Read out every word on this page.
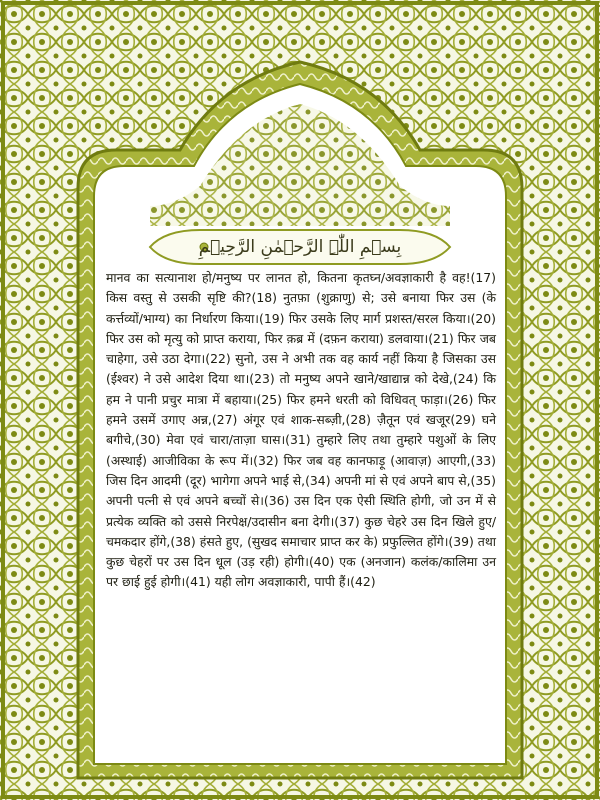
بِسۡمِ اللّٰہِ الرَّحۡمٰنِ الرَّحِیۡمِ

मानव का सत्यानाश हो/मनुष्य पर लानत हो, कितना कृतघ्न/अवज्ञाकारी है वह!(17) किस वस्तु से उसकी सृष्टि की?(18) नुतफ़ा (शुक्राणु) से; उसे बनाया फिर उस (के कर्त्तव्यों/भाग्य) का निर्धारण किया।(19) फिर उसके लिए मार्ग प्रशस्त/सरल किया।(20) फिर उस को मृत्यु को प्राप्त कराया, फिर क़ब्र में (दफ़न कराया) डलवाया।(21) फिर जब चाहेगा, उसे उठा देगा।(22) सुनो, उस ने अभी तक वह कार्य नहीं किया है जिसका उस (ईश्वर) ने उसे आदेश दिया था।(23) तो मनुष्य अपने खाने/खाद्यान्न को देखे,(24) कि हम ने पानी प्रचुर मात्रा में बहाया।(25) फिर हमने धरती को विधिवत् फाड़ा।(26) फिर हमने उसमें उगाए अन्न,(27) अंगूर एवं शाक-सब्ज़ी,(28) ज़ैतून एवं खजूर(29) घने बगीचे,(30) मेवा एवं चारा/ताज़ा घास।(31) तुम्हारे लिए तथा तुम्हारे पशुओं के लिए (अस्थाई) आजीविका के रूप में।(32) फिर जब वह कानफाड़ू (आवाज़) आएगी,(33) जिस दिन आदमी (दूर) भागेगा अपने भाई से,(34) अपनी मां से एवं अपने बाप से,(35) अपनी पत्नी से एवं अपने बच्चों से।(36) उस दिन एक ऐसी स्थिति होगी, जो उन में से प्रत्येक व्यक्ति को उससे निरपेक्ष/उदासीन बना देगी।(37) कुछ चेहरे उस दिन खिले हुए/चमकदार होंगे,(38) हंसते हुए, (सुखद समाचार प्राप्त कर के) प्रफुल्लित होंगे।(39) तथा कुछ चेहरों पर उस दिन धूल (उड़ रही) होगी।(40) एक (अनजान) कलंक/कालिमा उन पर छाई हुई होगी।(41) यही लोग अवज्ञाकारी, पापी हैं।(42)
